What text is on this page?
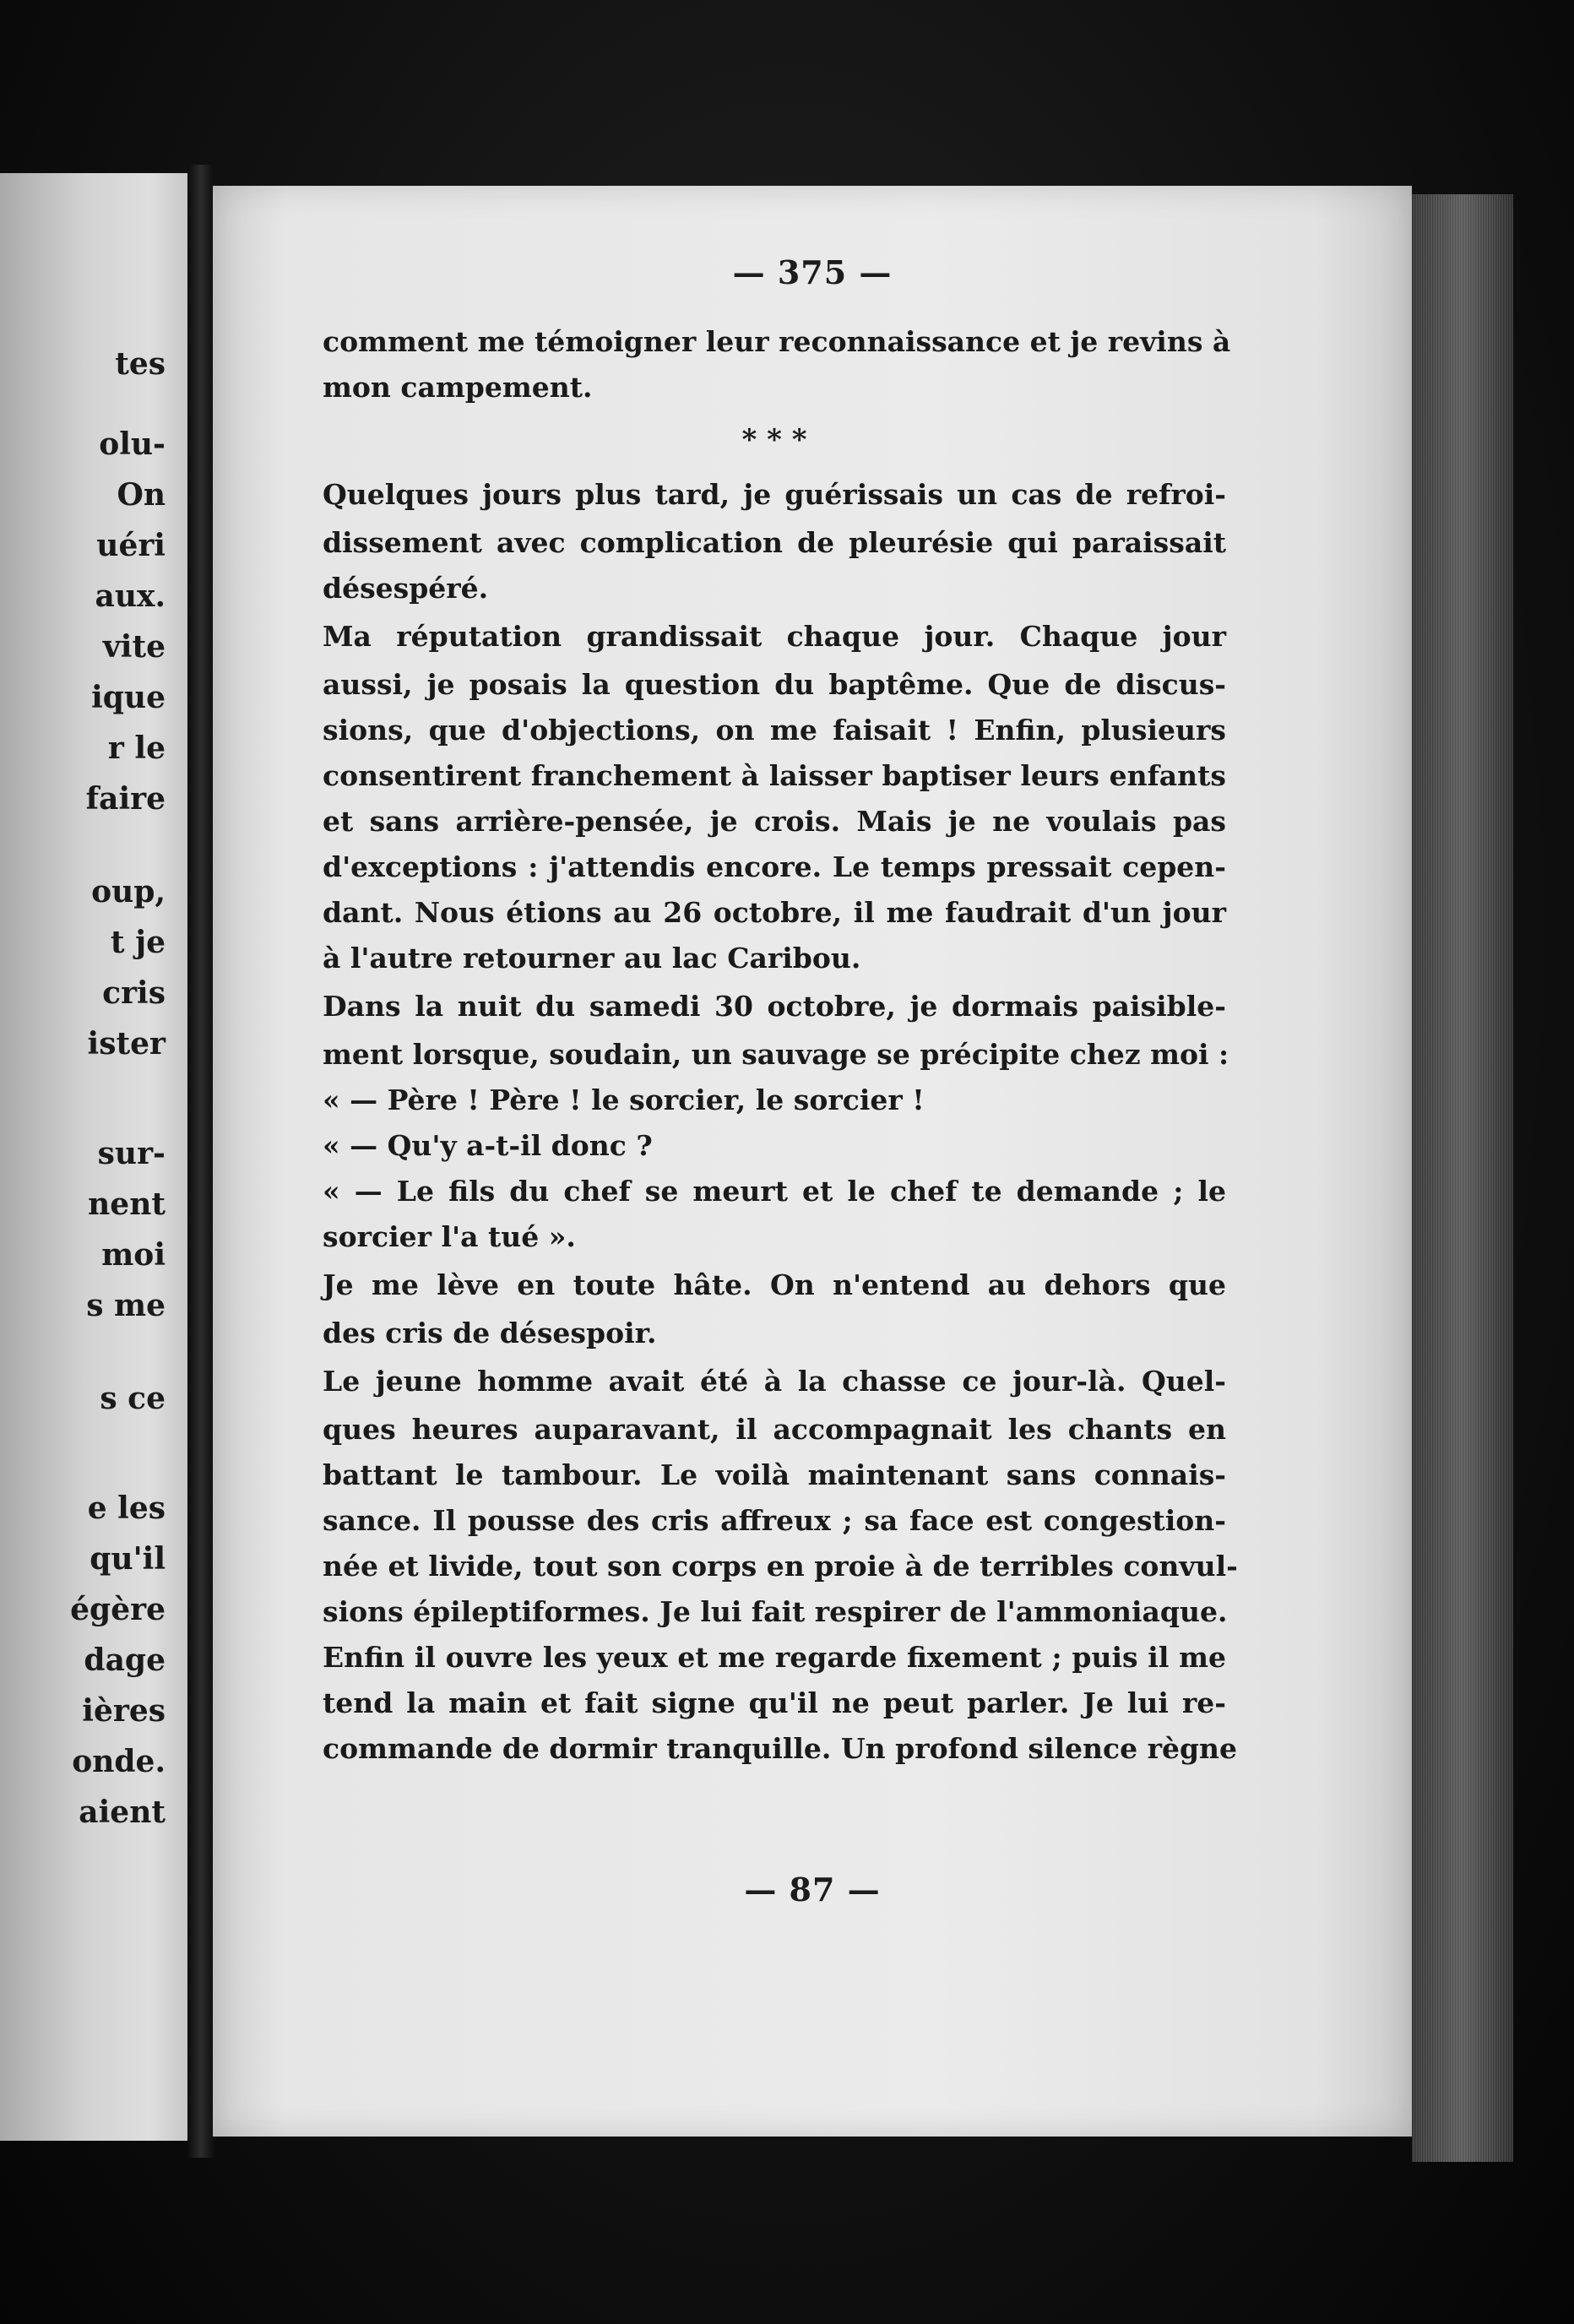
tes
olu-
On
uéri
aux.
vite
ique
r le
faire
oup,
t je
cris
ister
sur-
nent
moi
s me
s ce
e les
qu'il
égère
dage
ières
onde.
aient
— 375 —
comment me témoigner leur reconnaissance et je revins à
mon campement.
* * *
Quelques jours plus tard, je guérissais un cas de refroi-
dissement avec complication de pleurésie qui paraissait
désespéré.
Ma réputation grandissait chaque jour. Chaque jour
aussi, je posais la question du baptême. Que de discus-
sions, que d'objections, on me faisait ! Enfin, plusieurs
consentirent franchement à laisser baptiser leurs enfants
et sans arrière-pensée, je crois. Mais je ne voulais pas
d'exceptions : j'attendis encore. Le temps pressait cepen-
dant. Nous étions au 26 octobre, il me faudrait d'un jour
à l'autre retourner au lac Caribou.
Dans la nuit du samedi 30 octobre, je dormais paisible-
ment lorsque, soudain, un sauvage se précipite chez moi :
« — Père ! Père ! le sorcier, le sorcier !
« — Qu'y a-t-il donc ?
« — Le fils du chef se meurt et le chef te demande ; le
sorcier l'a tué ».
Je me lève en toute hâte. On n'entend au dehors que
des cris de désespoir.
Le jeune homme avait été à la chasse ce jour-là. Quel-
ques heures auparavant, il accompagnait les chants en
battant le tambour. Le voilà maintenant sans connais-
sance. Il pousse des cris affreux ; sa face est congestion-
née et livide, tout son corps en proie à de terribles convul-
sions épileptiformes. Je lui fait respirer de l'ammoniaque.
Enfin il ouvre les yeux et me regarde fixement ; puis il me
tend la main et fait signe qu'il ne peut parler. Je lui re-
commande de dormir tranquille. Un profond silence règne
— 87 —
